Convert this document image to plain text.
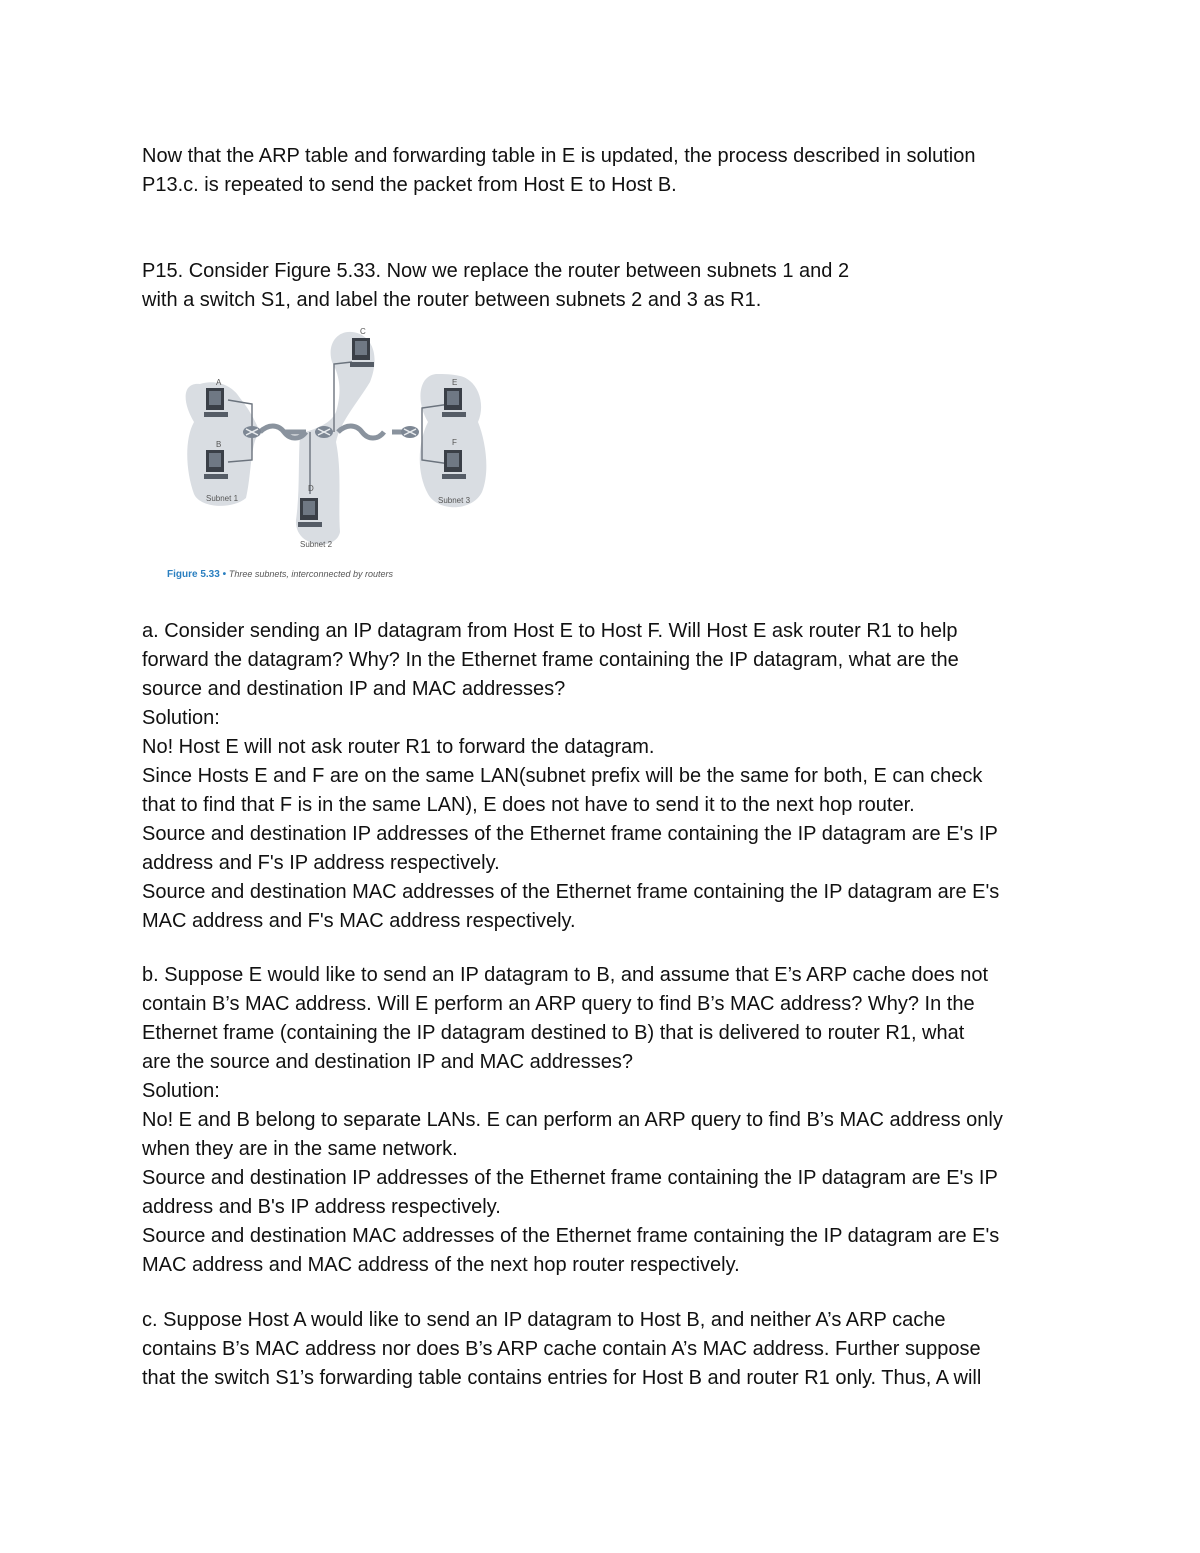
Now that the ARP table and forwarding table in E is updated, the process described in solution
P13.c. is repeated to send the packet from Host E to Host B.

P15. Consider Figure 5.33. Now we replace the router between subnets 1 and 2
with a switch S1, and label the router between subnets 2 and 3 as R1.

A
B
C
D
E
F
Subnet 1
Subnet 2
Subnet 3
Figure 5.33 • Three subnets, interconnected by routers

a. Consider sending an IP datagram from Host E to Host F. Will Host E ask router R1 to help
forward the datagram? Why? In the Ethernet frame containing the IP datagram, what are the
source and destination IP and MAC addresses?
Solution:
No! Host E will not ask router R1 to forward the datagram.
Since Hosts E and F are on the same LAN(subnet prefix will be the same for both, E can check
that to find that F is in the same LAN), E does not have to send it to the next hop router.
Source and destination IP addresses of the Ethernet frame containing the IP datagram are E's IP
address and F's IP address respectively.
Source and destination MAC addresses of the Ethernet frame containing the IP datagram are E's
MAC address and F's MAC address respectively.

b. Suppose E would like to send an IP datagram to B, and assume that E’s ARP cache does not
contain B’s MAC address. Will E perform an ARP query to find B’s MAC address? Why? In the
Ethernet frame (containing the IP datagram destined to B) that is delivered to router R1, what
are the source and destination IP and MAC addresses?
Solution:
No! E and B belong to separate LANs. E can perform an ARP query to find B’s MAC address only
when they are in the same network.
Source and destination IP addresses of the Ethernet frame containing the IP datagram are E's IP
address and B's IP address respectively.
Source and destination MAC addresses of the Ethernet frame containing the IP datagram are E's
MAC address and MAC address of the next hop router respectively.

c. Suppose Host A would like to send an IP datagram to Host B, and neither A’s ARP cache
contains B’s MAC address nor does B’s ARP cache contain A’s MAC address. Further suppose
that the switch S1’s forwarding table contains entries for Host B and router R1 only. Thus, A will
